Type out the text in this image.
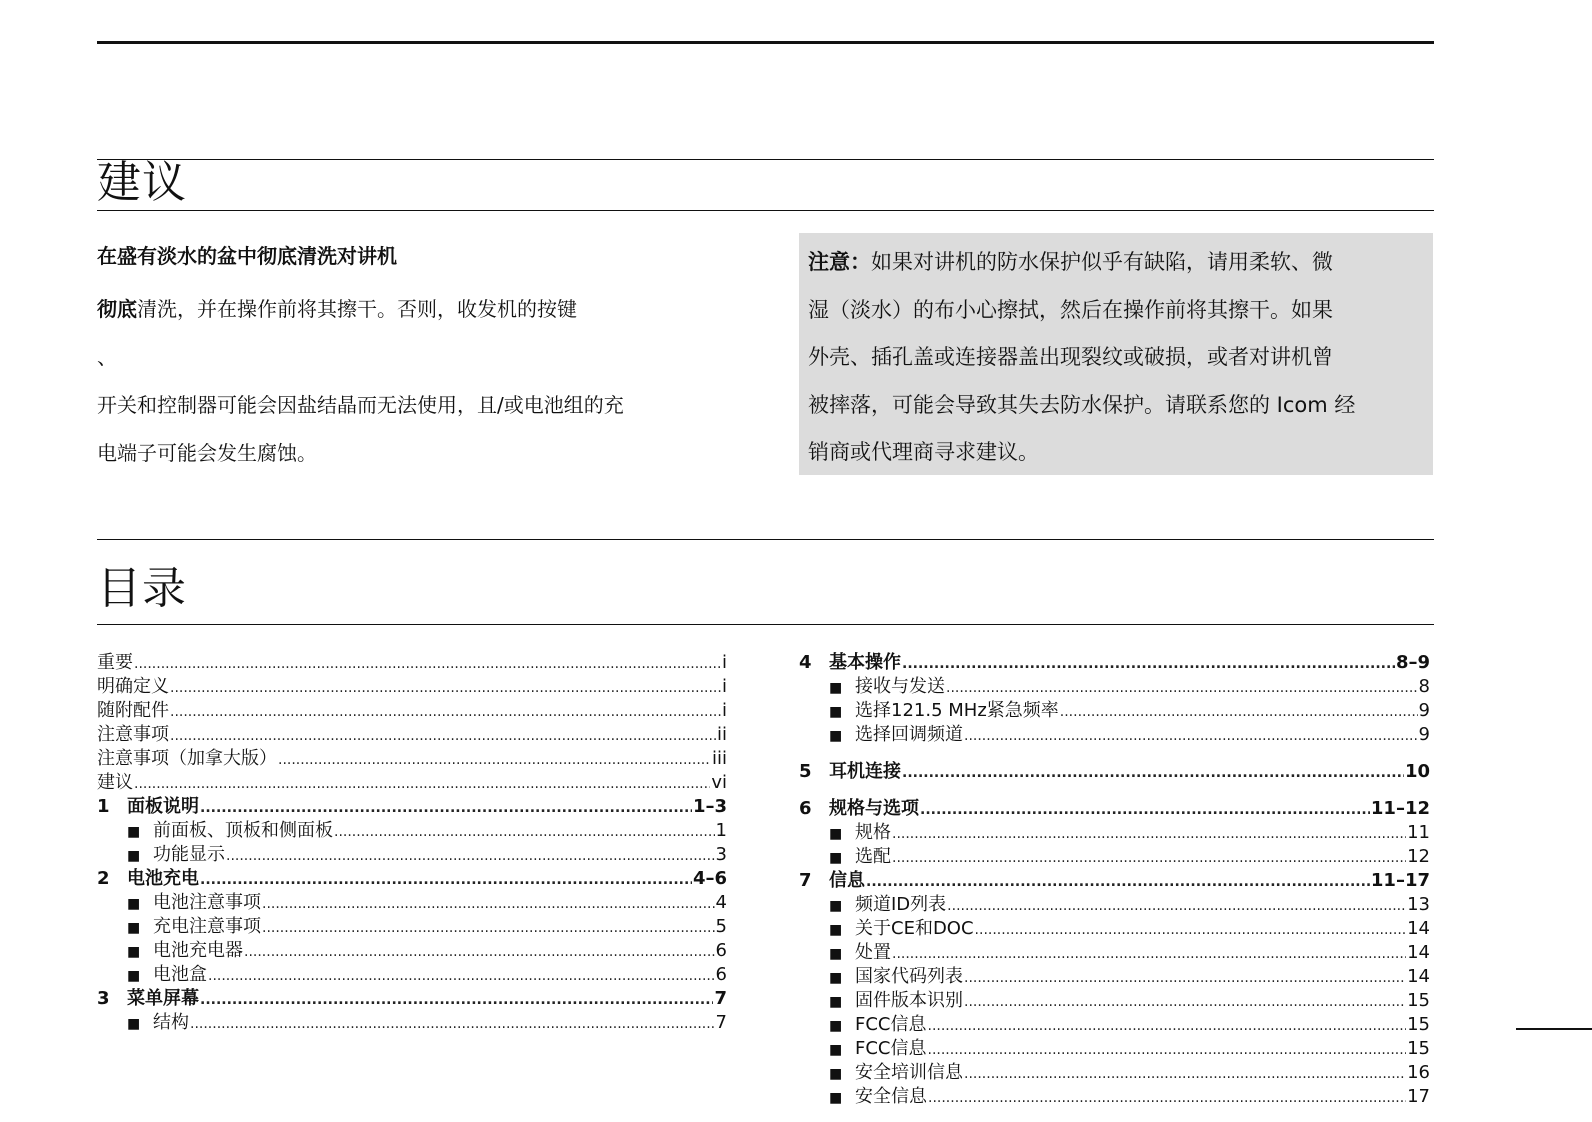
建议
在盛有淡水的盆中彻底清洗对讲机

彻底清洗，并在操作前将其擦干。否则，收发机的按键

、

开关和控制器可能会因盐结晶而无法使用，且/或电池组的充

电端子可能会发生腐蚀。

注意：如果对讲机的防水保护似乎有缺陷，请用柔软、微
湿（淡水）的布小心擦拭，然后在操作前将其擦干。如果
外壳、插孔盖或连接器盖出现裂纹或破损，或者对讲机曾
被摔落，可能会导致其失去防水保护。请联系您的 Icom 经
销商或代理商寻求建议。
目录
重要 .....	i
明确定义 .....	i
随附配件 .....	i
注意事项 .....	ii
注意事项（加拿大版） .....	iii
建议 .....	vi
1 面板说明 .....	1–3
■ 前面板、顶板和侧面板 .....	1
■ 功能显示 .....	3
2 电池充电 .....	4–6
■ 电池注意事项 .....	4
■ 充电注意事项 .....	5
■ 电池充电器 .....	6
■ 电池盒 .....	6
3 菜单屏幕 .....	7
■ 结构 .....	7
4 基本操作 .....	8–9
■ 接收与发送 .....	8
■ 选择121.5 MHz紧急频率 .....	9
■ 选择回调频道 .....	9
5 耳机连接 .....	10
6 规格与选项 .....	11–12
■ 规格 .....	11
■ 选配 .....	12
7 信息 .....	11–17
■ 频道ID列表 .....	13
■ 关于CE和DOC .....	14
■ 处置 .....	14
■ 国家代码列表 .....	14
■ 固件版本识别 .....	15
■ FCC信息 .....	15
■ FCC信息 .....	15
■ 安全培训信息 .....	16
■ 安全信息 .....	17
